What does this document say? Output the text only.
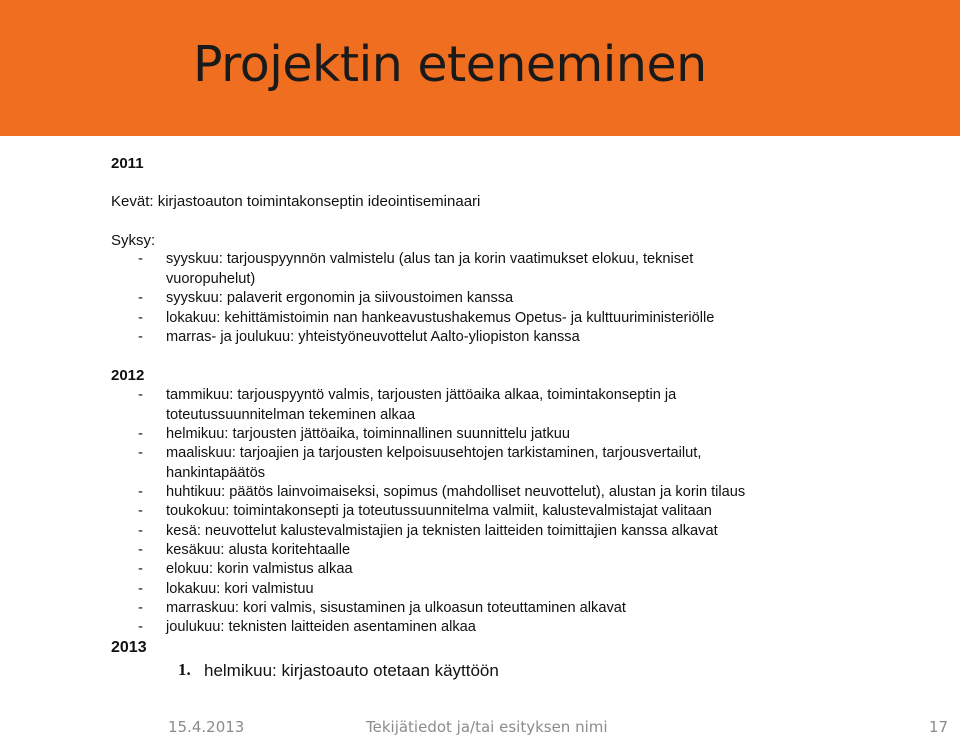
Projektin eteneminen
2011
Kevät: kirjastoauton toimintakonseptin ideointiseminaari
Syksy:
- syyskuu: tarjouspyynnön valmistelu (alus tan ja korin vaatimukset elokuu, tekniset vuoropuhelut)
- syyskuu: palaverit ergonomin ja siivoustoimen kanssa
- lokakuu: kehittämistoimin nan hankeavustushakemus Opetus- ja kulttuuriministeriölle
- marras- ja joulukuu: yhteistyöneuvottelut Aalto-yliopiston kanssa
2012
- tammikuu: tarjouspyyntö valmis, tarjousten jättöaika alkaa, toimintakonseptin ja toteutussuunnitelman tekeminen alkaa
- helmikuu: tarjousten jättöaika, toiminnallinen suunnittelu jatkuu
- maaliskuu: tarjoajien ja tarjousten kelpoisuusehtojen tarkistaminen, tarjousvertailut, hankintapäätös
- huhtikuu: päätös lainvoimaiseksi, sopimus (mahdolliset neuvottelut), alustan ja korin tilaus
- toukokuu: toimintakonsepti ja toteutussuunnitelma valmiit, kalustevalmistajat valitaan
- kesä: neuvottelut kalustevalmistajien ja teknisten laitteiden toimittajien kanssa alkavat
- kesäkuu: alusta koritehtaalle
- elokuu: korin valmistus alkaa
- lokakuu: kori valmistuu
- marraskuu: kori valmis, sisustaminen ja ulkoasun toteuttaminen alkavat
- joulukuu: teknisten laitteiden asentaminen alkaa
2013
1. helmikuu: kirjastoauto otetaan käyttöön
15.4.2013	Tekijätiedot ja/tai esityksen nimi	17
